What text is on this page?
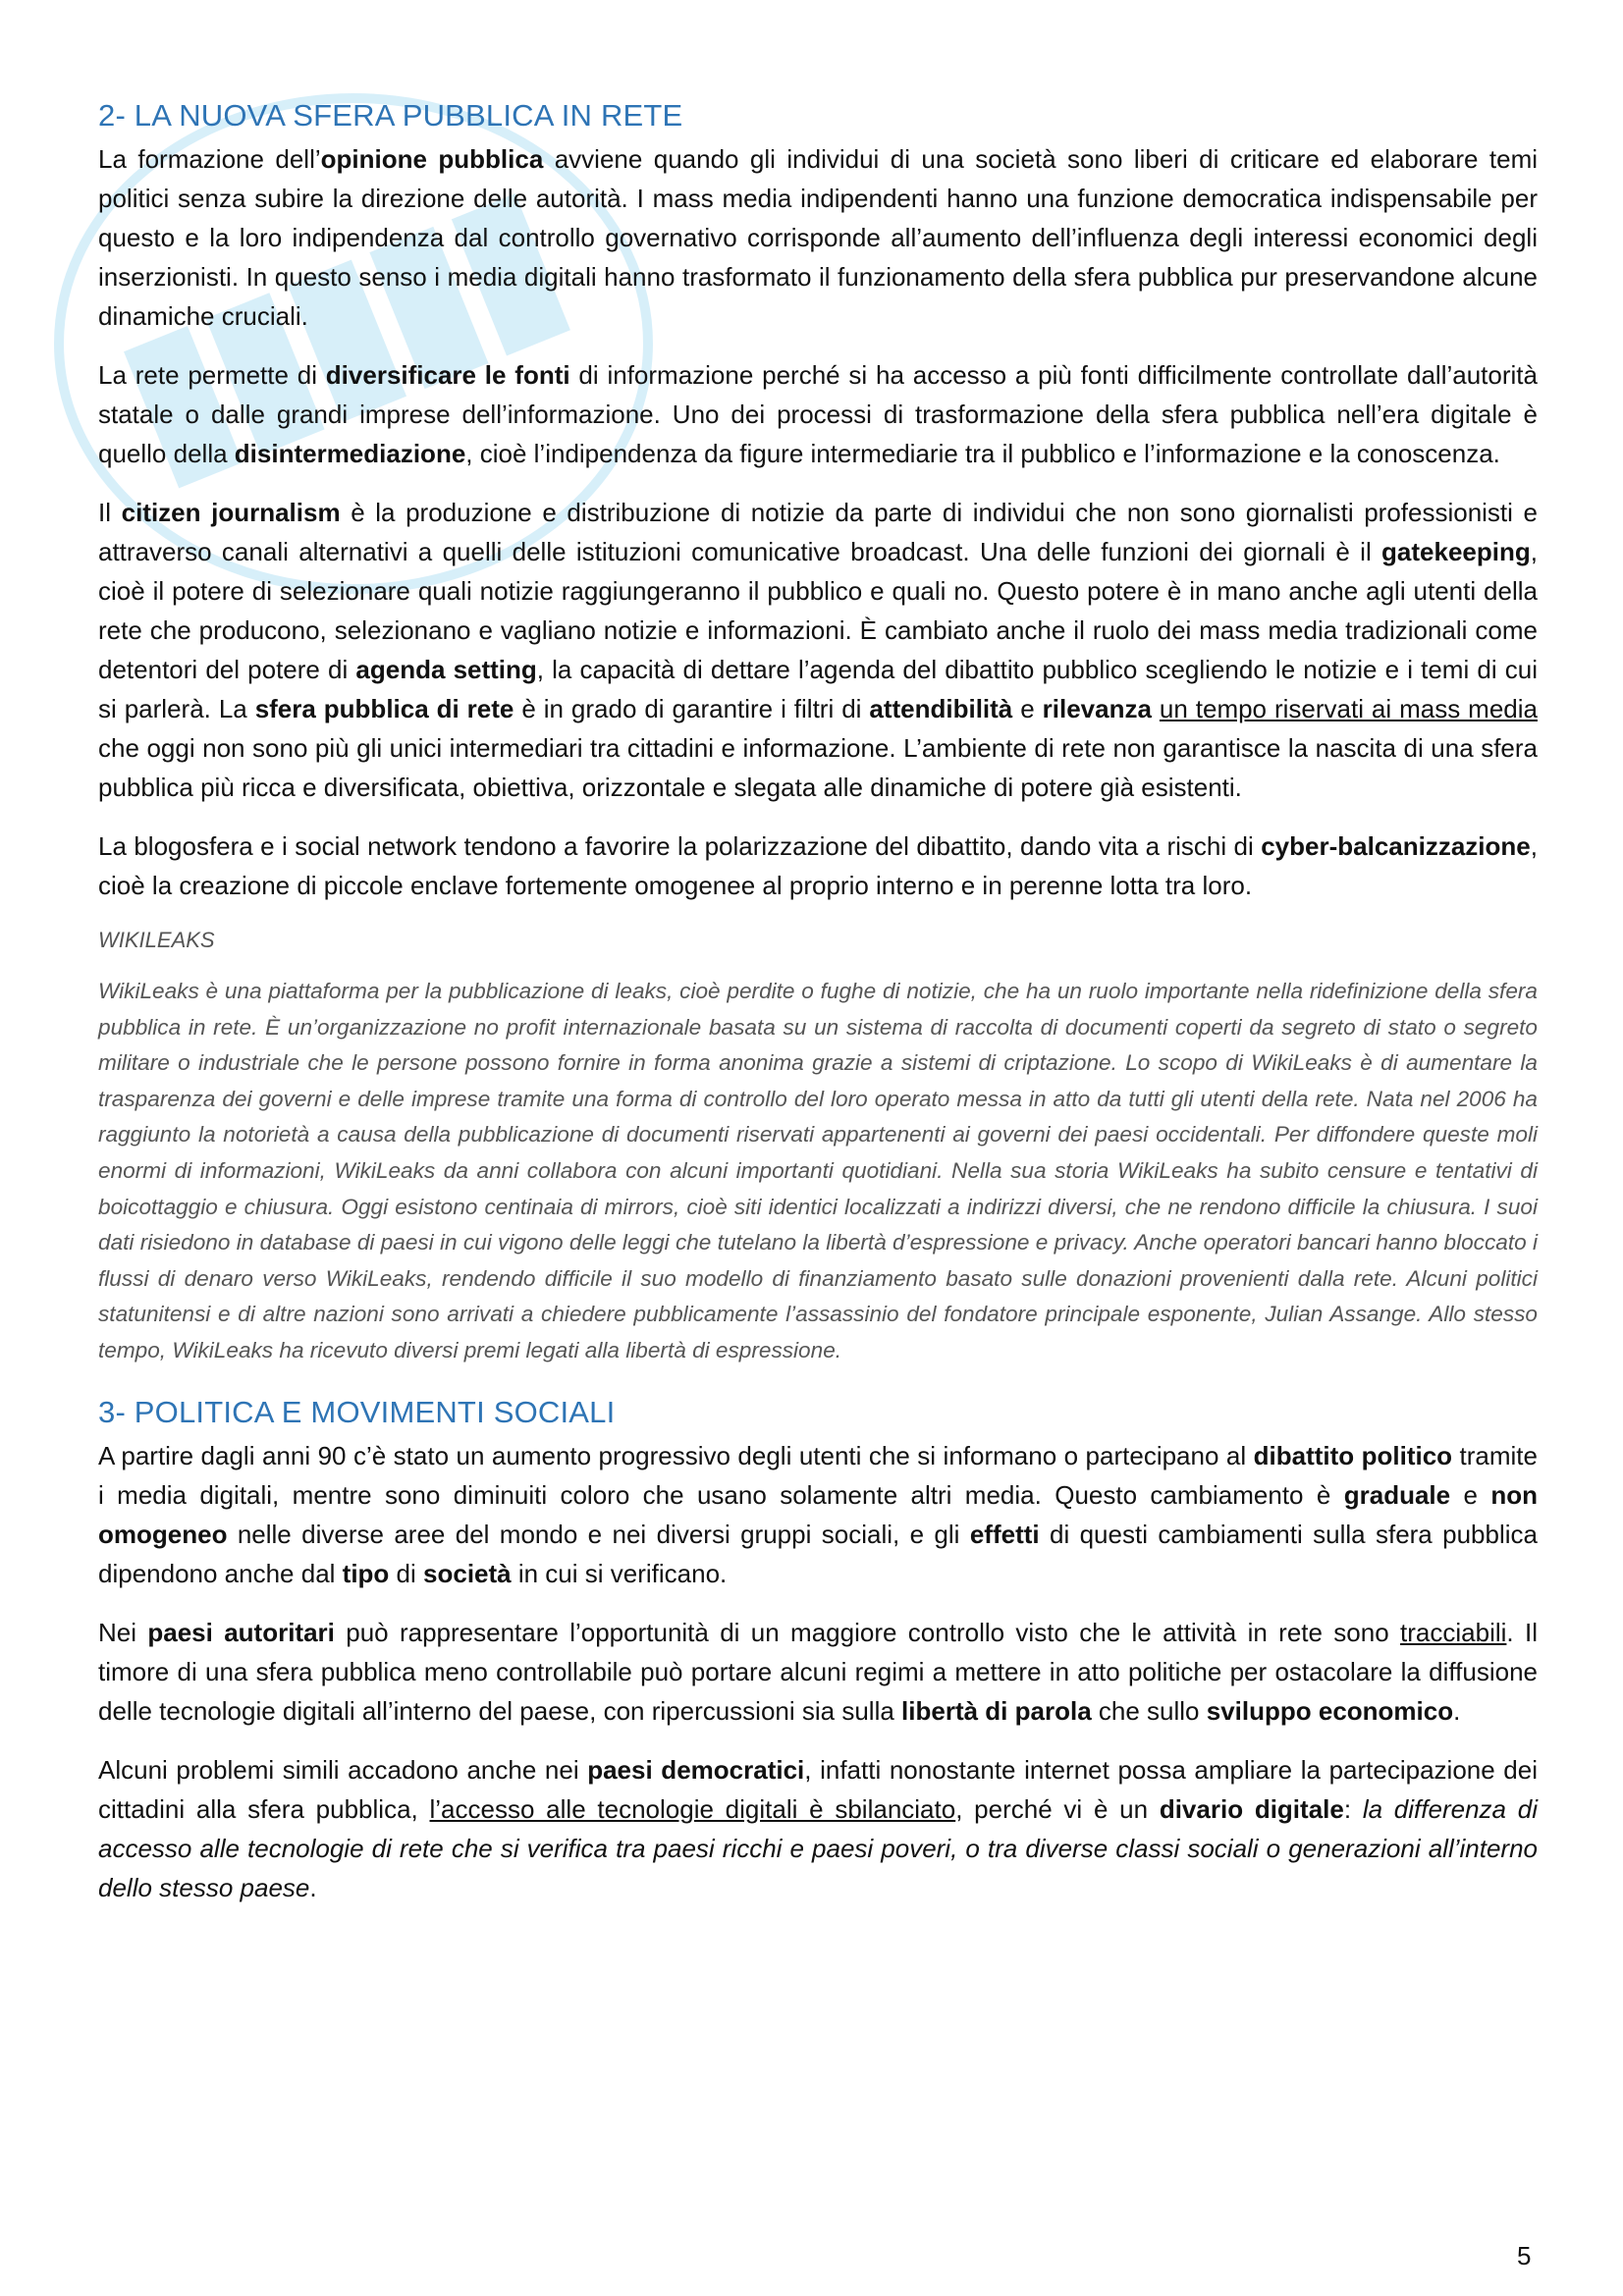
2- LA NUOVA SFERA PUBBLICA IN RETE

La formazione dell’opinione pubblica avviene quando gli individui di una società sono liberi di criticare ed elaborare temi politici senza subire la direzione delle autorità. I mass media indipendenti hanno una funzione democratica indispensabile per questo e la loro indipendenza dal controllo governativo corrisponde all’aumento dell’influenza degli interessi economici degli inserzionisti. In questo senso i media digitali hanno trasformato il funzionamento della sfera pubblica pur preservandone alcune dinamiche cruciali.

La rete permette di diversificare le fonti di informazione perché si ha accesso a più fonti difficilmente controllate dall’autorità statale o dalle grandi imprese dell’informazione. Uno dei processi di trasformazione della sfera pubblica nell’era digitale è quello della disintermediazione, cioè l’indipendenza da figure intermediarie tra il pubblico e l’informazione e la conoscenza.

Il citizen journalism è la produzione e distribuzione di notizie da parte di individui che non sono giornalisti professionisti e attraverso canali alternativi a quelli delle istituzioni comunicative broadcast. Una delle funzioni dei giornali è il gatekeeping, cioè il potere di selezionare quali notizie raggiungeranno il pubblico e quali no. Questo potere è in mano anche agli utenti della rete che producono, selezionano e vagliano notizie e informazioni. È cambiato anche il ruolo dei mass media tradizionali come detentori del potere di agenda setting, la capacità di dettare l’agenda del dibattito pubblico scegliendo le notizie e i temi di cui si parlerà. La sfera pubblica di rete è in grado di garantire i filtri di attendibilità e rilevanza un tempo riservati ai mass media che oggi non sono più gli unici intermediari tra cittadini e informazione. L’ambiente di rete non garantisce la nascita di una sfera pubblica più ricca e diversificata, obiettiva, orizzontale e slegata alle dinamiche di potere già esistenti.

La blogosfera e i social network tendono a favorire la polarizzazione del dibattito, dando vita a rischi di cyber-balcanizzazione, cioè la creazione di piccole enclave fortemente omogenee al proprio interno e in perenne lotta tra loro.

WIKILEAKS

WikiLeaks è una piattaforma per la pubblicazione di leaks, cioè perdite o fughe di notizie, che ha un ruolo importante nella ridefinizione della sfera pubblica in rete. È un’organizzazione no profit internazionale basata su un sistema di raccolta di documenti coperti da segreto di stato o segreto militare o industriale che le persone possono fornire in forma anonima grazie a sistemi di criptazione. Lo scopo di WikiLeaks è di aumentare la trasparenza dei governi e delle imprese tramite una forma di controllo del loro operato messa in atto da tutti gli utenti della rete. Nata nel 2006 ha raggiunto la notorietà a causa della pubblicazione di documenti riservati appartenenti ai governi dei paesi occidentali. Per diffondere queste moli enormi di informazioni, WikiLeaks da anni collabora con alcuni importanti quotidiani. Nella sua storia WikiLeaks ha subito censure e tentativi di boicottaggio e chiusura. Oggi esistono centinaia di mirrors, cioè siti identici localizzati a indirizzi diversi, che ne rendono difficile la chiusura. I suoi dati risiedono in database di paesi in cui vigono delle leggi che tutelano la libertà d’espressione e privacy. Anche operatori bancari hanno bloccato i flussi di denaro verso WikiLeaks, rendendo difficile il suo modello di finanziamento basato sulle donazioni provenienti dalla rete. Alcuni politici statunitensi e di altre nazioni sono arrivati a chiedere pubblicamente l’assassinio del fondatore principale esponente, Julian Assange. Allo stesso tempo, WikiLeaks ha ricevuto diversi premi legati alla libertà di espressione.

3- POLITICA E MOVIMENTI SOCIALI

A partire dagli anni 90 c’è stato un aumento progressivo degli utenti che si informano o partecipano al dibattito politico tramite i media digitali, mentre sono diminuiti coloro che usano solamente altri media. Questo cambiamento è graduale e non omogeneo nelle diverse aree del mondo e nei diversi gruppi sociali, e gli effetti di questi cambiamenti sulla sfera pubblica dipendono anche dal tipo di società in cui si verificano.

Nei paesi autoritari può rappresentare l’opportunità di un maggiore controllo visto che le attività in rete sono tracciabili. Il timore di una sfera pubblica meno controllabile può portare alcuni regimi a mettere in atto politiche per ostacolare la diffusione delle tecnologie digitali all’interno del paese, con ripercussioni sia sulla libertà di parola che sullo sviluppo economico.

Alcuni problemi simili accadono anche nei paesi democratici, infatti nonostante internet possa ampliare la partecipazione dei cittadini alla sfera pubblica, l’accesso alle tecnologie digitali è sbilanciato, perché vi è un divario digitale: la differenza di accesso alle tecnologie di rete che si verifica tra paesi ricchi e paesi poveri, o tra diverse classi sociali o generazioni all’interno dello stesso paese.

5
